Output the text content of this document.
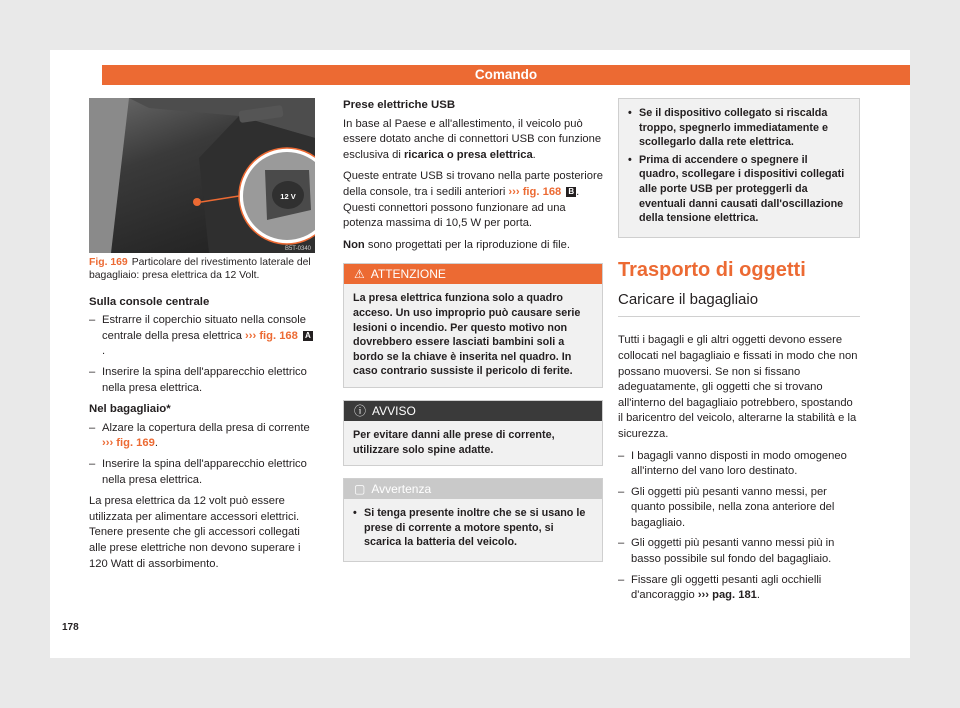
Comando
12 V
B5T-0340
Fig. 169 Particolare del rivestimento laterale del bagagliaio: presa elettrica da 12 Volt.
Sulla console centrale
– Estrarre il coperchio situato nella console centrale della presa elettrica ››› fig. 168 A.
– Inserire la spina dell'apparecchio elettrico nella presa elettrica.
Nel bagagliaio*
– Alzare la copertura della presa di corrente ››› fig. 169.
– Inserire la spina dell'apparecchio elettrico nella presa elettrica.

La presa elettrica da 12 volt può essere utilizzata per alimentare accessori elettrici. Tenere presente che gli accessori collegati alle prese elettriche non devono superare i 120 Watt di assorbimento.

Prese elettriche USB

In base al Paese e all'allestimento, il veicolo può essere dotato anche di connettori USB con funzione esclusiva di ricarica o presa elettrica.

Queste entrate USB si trovano nella parte posteriore della console, tra i sedili anteriori ››› fig. 168 B . Questi connettori possono funzionare ad una potenza massima di 10,5 W per porta.

Non sono progettati per la riproduzione di file.

⚠ ATTENZIONE
La presa elettrica funziona solo a quadro acceso. Un uso improprio può causare serie lesioni o incendio. Per questo motivo non dovrebbero essere lasciati bambini soli a bordo se la chiave è inserita nel quadro. In caso contrario sussiste il pericolo di ferite.
ⓘ AVVISO
Per evitare danni alle prese di corrente, utilizzare solo spine adatte.
▢ Avvertenza
• Si tenga presente inoltre che se si usano le prese di corrente a motore spento, si scarica la batteria del veicolo.
• Se il dispositivo collegato si riscalda troppo, spegnerlo immediatamente e scollegarlo dalla rete elettrica.
• Prima di accendere o spegnere il quadro, scollegare i dispositivi collegati alle porte USB per proteggerli da eventuali danni causati dall'oscillazione della tensione elettrica.
Trasporto di oggetti
Caricare il bagagliaio

Tutti i bagagli e gli altri oggetti devono essere collocati nel bagagliaio e fissati in modo che non possano muoversi. Se non si fissano adeguatamente, gli oggetti che si trovano all'interno del bagagliaio potrebbero, spostando il baricentro del veicolo, alterarne la stabilità e la sicurezza.

– I bagagli vanno disposti in modo omogeneo all'interno del vano loro destinato.
– Gli oggetti più pesanti vanno messi, per quanto possibile, nella zona anteriore del bagagliaio.
– Gli oggetti più pesanti vanno messi più in basso possibile sul fondo del bagagliaio.
– Fissare gli oggetti pesanti agli occhielli d'ancoraggio ››› pag. 181.
178
